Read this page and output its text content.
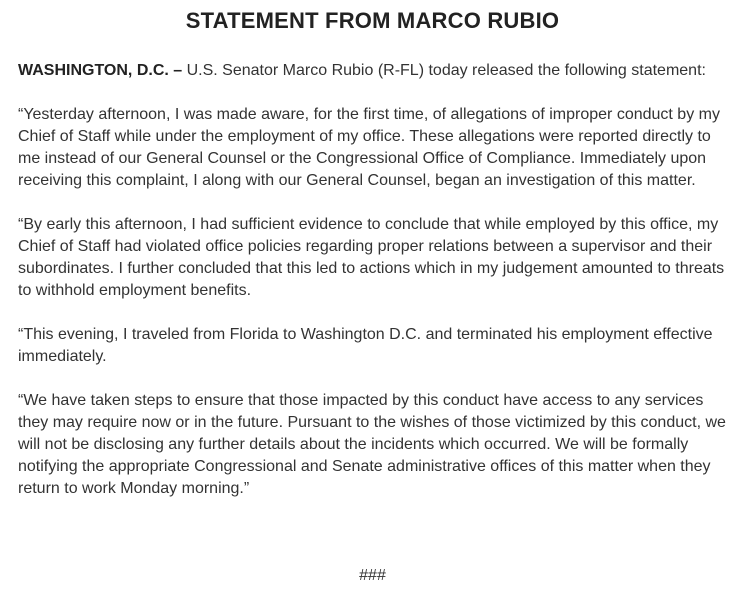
STATEMENT FROM MARCO RUBIO

WASHINGTON, D.C. – U.S. Senator Marco Rubio (R-FL) today released the following statement:

“Yesterday afternoon, I was made aware, for the first time, of allegations of improper conduct by my Chief of Staff while under the employment of my office. These allegations were reported directly to me instead of our General Counsel or the Congressional Office of Compliance. Immediately upon receiving this complaint, I along with our General Counsel, began an investigation of this matter.

“By early this afternoon, I had sufficient evidence to conclude that while employed by this office, my Chief of Staff had violated office policies regarding proper relations between a supervisor and their subordinates. I further concluded that this led to actions which in my judgement amounted to threats to withhold employment benefits.

“This evening, I traveled from Florida to Washington D.C. and terminated his employment effective immediately.

“We have taken steps to ensure that those impacted by this conduct have access to any services they may require now or in the future. Pursuant to the wishes of those victimized by this conduct, we will not be disclosing any further details about the incidents which occurred. We will be formally notifying the appropriate Congressional and Senate administrative offices of this matter when they return to work Monday morning.”

###
